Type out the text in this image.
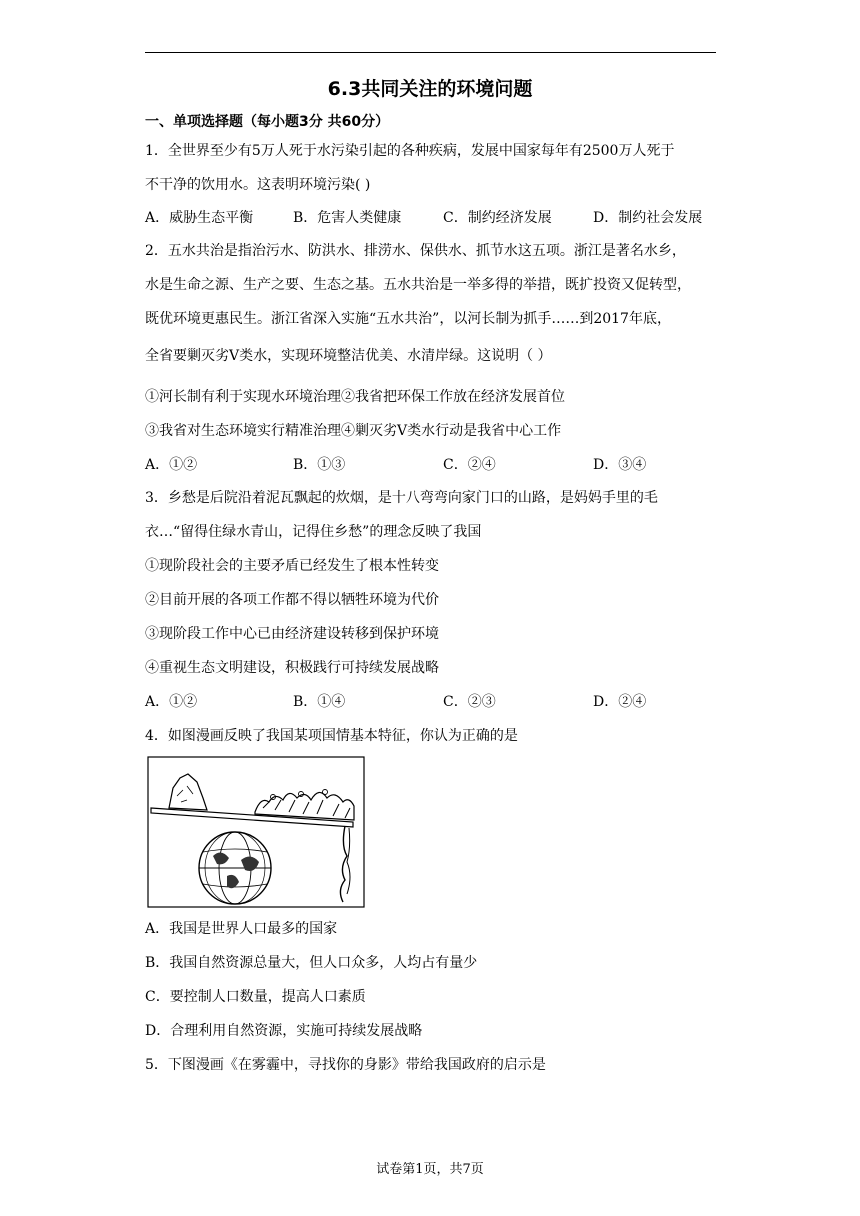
6.3共同关注的环境问题
一、单项选择题（每小题3分 共60分）
1．全世界至少有5万人死于水污染引起的各种疾病，发展中国家每年有2500万人死于
不干净的饮用水。这表明环境污染( )
A．威胁生态平衡	B．危害人类健康	C．制约经济发展	D．制约社会发展
2．五水共治是指治污水、防洪水、排涝水、保供水、抓节水这五项。浙江是著名水乡，
水是生命之源、生产之要、生态之基。五水共治是一举多得的举措，既扩投资又促转型，
既优环境更惠民生。浙江省深入实施“五水共治”，以河长制为抓手……到2017年底，
全省要剿灭劣V类水，实现环境整洁优美、水清岸绿。这说明（ ）
①河长制有利于实现水环境治理②我省把环保工作放在经济发展首位
③我省对生态环境实行精准治理④剿灭劣V类水行动是我省中心工作
A．①②	B．①③	C．②④	D．③④
3．乡愁是后院沿着泥瓦飘起的炊烟，是十八弯弯向家门口的山路，是妈妈手里的毛
衣…“留得住绿水青山，记得住乡愁”的理念反映了我国
①现阶段社会的主要矛盾已经发生了根本性转变
②目前开展的各项工作都不得以牺牲环境为代价
③现阶段工作中心已由经济建设转移到保护环境
④重视生态文明建设，积极践行可持续发展战略
A．①②	B．①④	C．②③	D．②④
4．如图漫画反映了我国某项国情基本特征，你认为正确的是
A．我国是世界人口最多的国家
B．我国自然资源总量大，但人口众多，人均占有量少
C．要控制人口数量，提高人口素质
D．合理利用自然资源，实施可持续发展战略
5．下图漫画《在雾霾中，寻找你的身影》带给我国政府的启示是
试卷第1页，共7页
